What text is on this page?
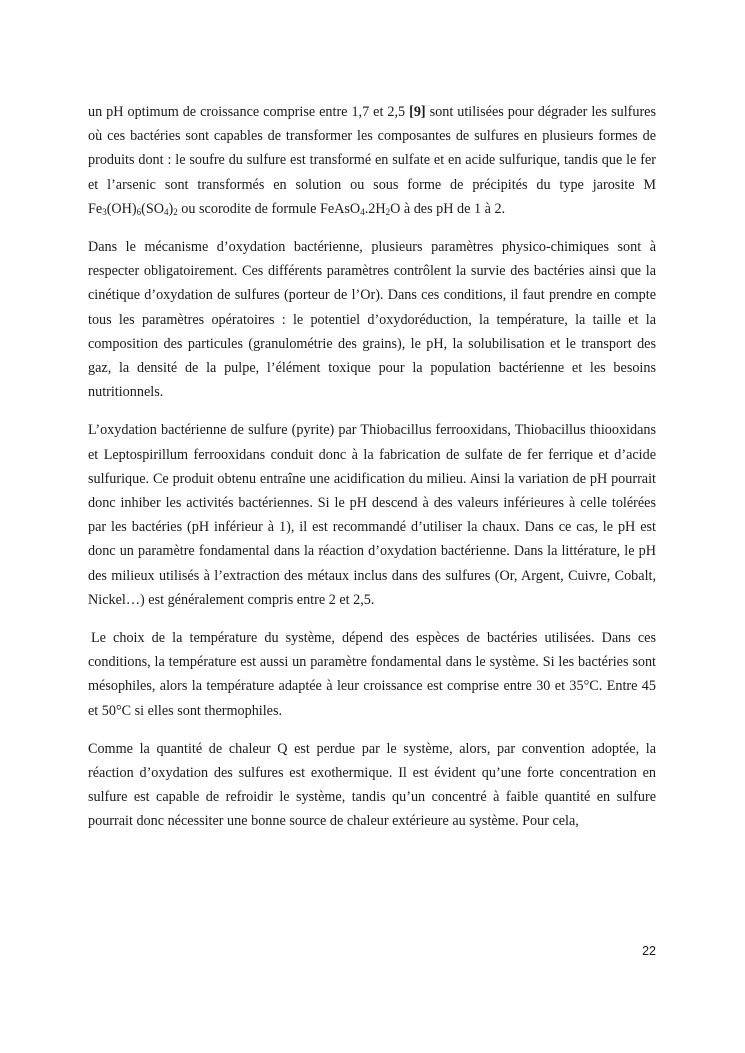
un pH optimum de croissance comprise entre 1,7 et 2,5 [9] sont utilisées pour dégrader les sulfures où ces bactéries sont capables de transformer les composantes de sulfures en plusieurs formes de produits dont : le soufre du sulfure est transformé en sulfate et en acide sulfurique, tandis que le fer et l’arsenic sont transformés en solution ou sous forme de précipités du type jarosite M $Fe_3(OH)_6(SO_4)_2$ ou scorodite de formule $FeAsO_4.2H_2O$ à des pH de 1 à 2.

Dans le mécanisme d’oxydation bactérienne, plusieurs paramètres physico-chimiques sont à respecter obligatoirement. Ces différents paramètres contrôlent la survie des bactéries ainsi que la cinétique d’oxydation de sulfures (porteur de l’Or). Dans ces conditions, il faut prendre en compte tous les paramètres opératoires : le potentiel d’oxydoréduction, la température, la taille et la composition des particules (granulométrie des grains), le pH, la solubilisation et le transport des gaz, la densité de la pulpe, l’élément toxique pour la population bactérienne et les besoins nutritionnels.

L’oxydation bactérienne de sulfure (pyrite) par Thiobacillus ferrooxidans, Thiobacillus thiooxidans et Leptospirillum ferrooxidans conduit donc à la fabrication de sulfate de fer ferrique et d’acide sulfurique. Ce produit obtenu entraîne une acidification du milieu. Ainsi la variation de pH pourrait donc inhiber les activités bactériennes. Si le pH descend à des valeurs inférieures à celle tolérées par les bactéries (pH inférieur à 1), il est recommandé d’utiliser la chaux. Dans ce cas, le pH est donc un paramètre fondamental dans la réaction d’oxydation bactérienne. Dans la littérature, le pH des milieux utilisés à l’extraction des métaux inclus dans des sulfures (Or, Argent, Cuivre, Cobalt, Nickel…) est généralement compris entre 2 et 2,5.

Le choix de la température du système, dépend des espèces de bactéries utilisées. Dans ces conditions, la température est aussi un paramètre fondamental dans le système. Si les bactéries sont mésophiles, alors la température adaptée à leur croissance est comprise entre 30 et 35°C. Entre 45 et 50°C si elles sont thermophiles.

Comme la quantité de chaleur Q est perdue par le système, alors, par convention adoptée, la réaction d’oxydation des sulfures est exothermique. Il est évident qu’une forte concentration en sulfure est capable de refroidir le système, tandis qu’un concentré à faible quantité en sulfure pourrait donc nécessiter une bonne source de chaleur extérieure au système. Pour cela,

22
